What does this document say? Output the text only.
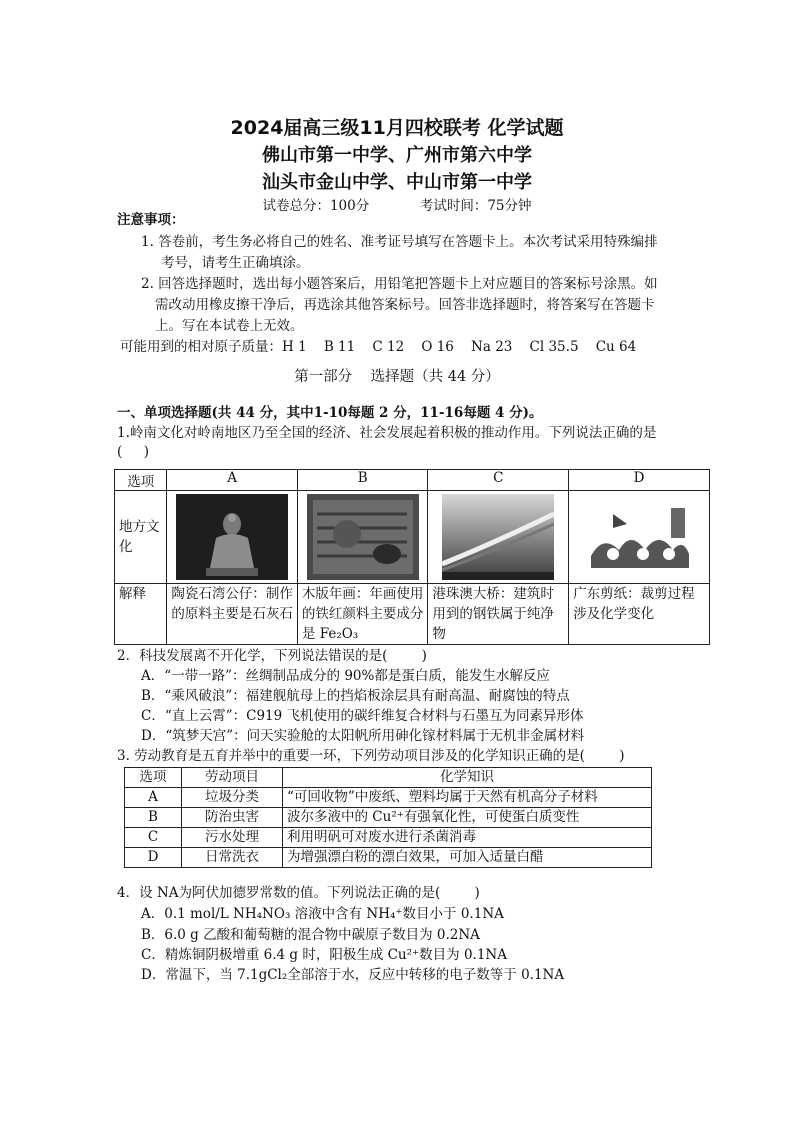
2024届高三级11月四校联考 化学试题
佛山市第一中学、广州市第六中学
汕头市金山中学、中山市第一中学
试卷总分：100分	考试时间：75分钟
注意事项：
1. 答卷前，考生务必将自己的姓名、准考证号填写在答题卡上。本次考试采用特殊编排
考号，请考生正确填涂。
2. 回答选择题时，选出每小题答案后，用铅笔把答题卡上对应题目的答案标号涂黑。如
需改动用橡皮擦干净后，再选涂其他答案标号。回答非选择题时，将答案写在答题卡
上。写在本试卷上无效。
可能用到的相对原子质量：H 1    B 11    C 12    O 16    Na 23    Cl 35.5    Cu 64
第一部分    选择题（共 44 分）
一、单项选择题(共 44 分，其中1-10每题 2 分，11-16每题 4 分)。
1.岭南文化对岭南地区乃至全国的经济、社会发展起着积极的推动作用。下列说法正确的是
(     )
选项	A	B	C	D
地方文化	

解释	陶瓷石湾公仔：制作的原料主要是石灰石	木版年画：年画使用的铁红颜料主要成分是 Fe₂O₃	港珠澳大桥：建筑时用到的钢铁属于纯净物	广东剪纸：裁剪过程涉及化学变化
2．科技发展离不开化学，下列说法错误的是(        )
A．“一带一路”：丝绸制品成分的 90%都是蛋白质，能发生水解反应
B．“乘风破浪”：福建舰航母上的挡焰板涂层具有耐高温、耐腐蚀的特点
C．“直上云霄”：C919 飞机使用的碳纤维复合材料与石墨互为同素异形体
D．“筑梦天宫”：问天实验舱的太阳帆所用砷化镓材料属于无机非金属材料
3. 劳动教育是五育并举中的重要一环，下列劳动项目涉及的化学知识正确的是(        )
选项	劳动项目	化学知识
A	垃圾分类	“可回收物”中废纸、塑料均属于天然有机高分子材料
B	防治虫害	波尔多液中的 Cu²⁺有强氧化性，可使蛋白质变性
C	污水处理	利用明矾可对废水进行杀菌消毒
D	日常洗衣	为增强漂白粉的漂白效果，可加入适量白醋
4．设 NA为阿伏加德罗常数的值。下列说法正确的是(        )
A．0.1 mol/L NH₄NO₃ 溶液中含有 NH₄⁺数目小于 0.1NA
B．6.0 g 乙酸和葡萄糖的混合物中碳原子数目为 0.2NA
C．精炼铜阴极增重 6.4 g 时，阳极生成 Cu²⁺数目为 0.1NA
D．常温下，当 7.1gCl₂全部溶于水，反应中转移的电子数等于 0.1NA
